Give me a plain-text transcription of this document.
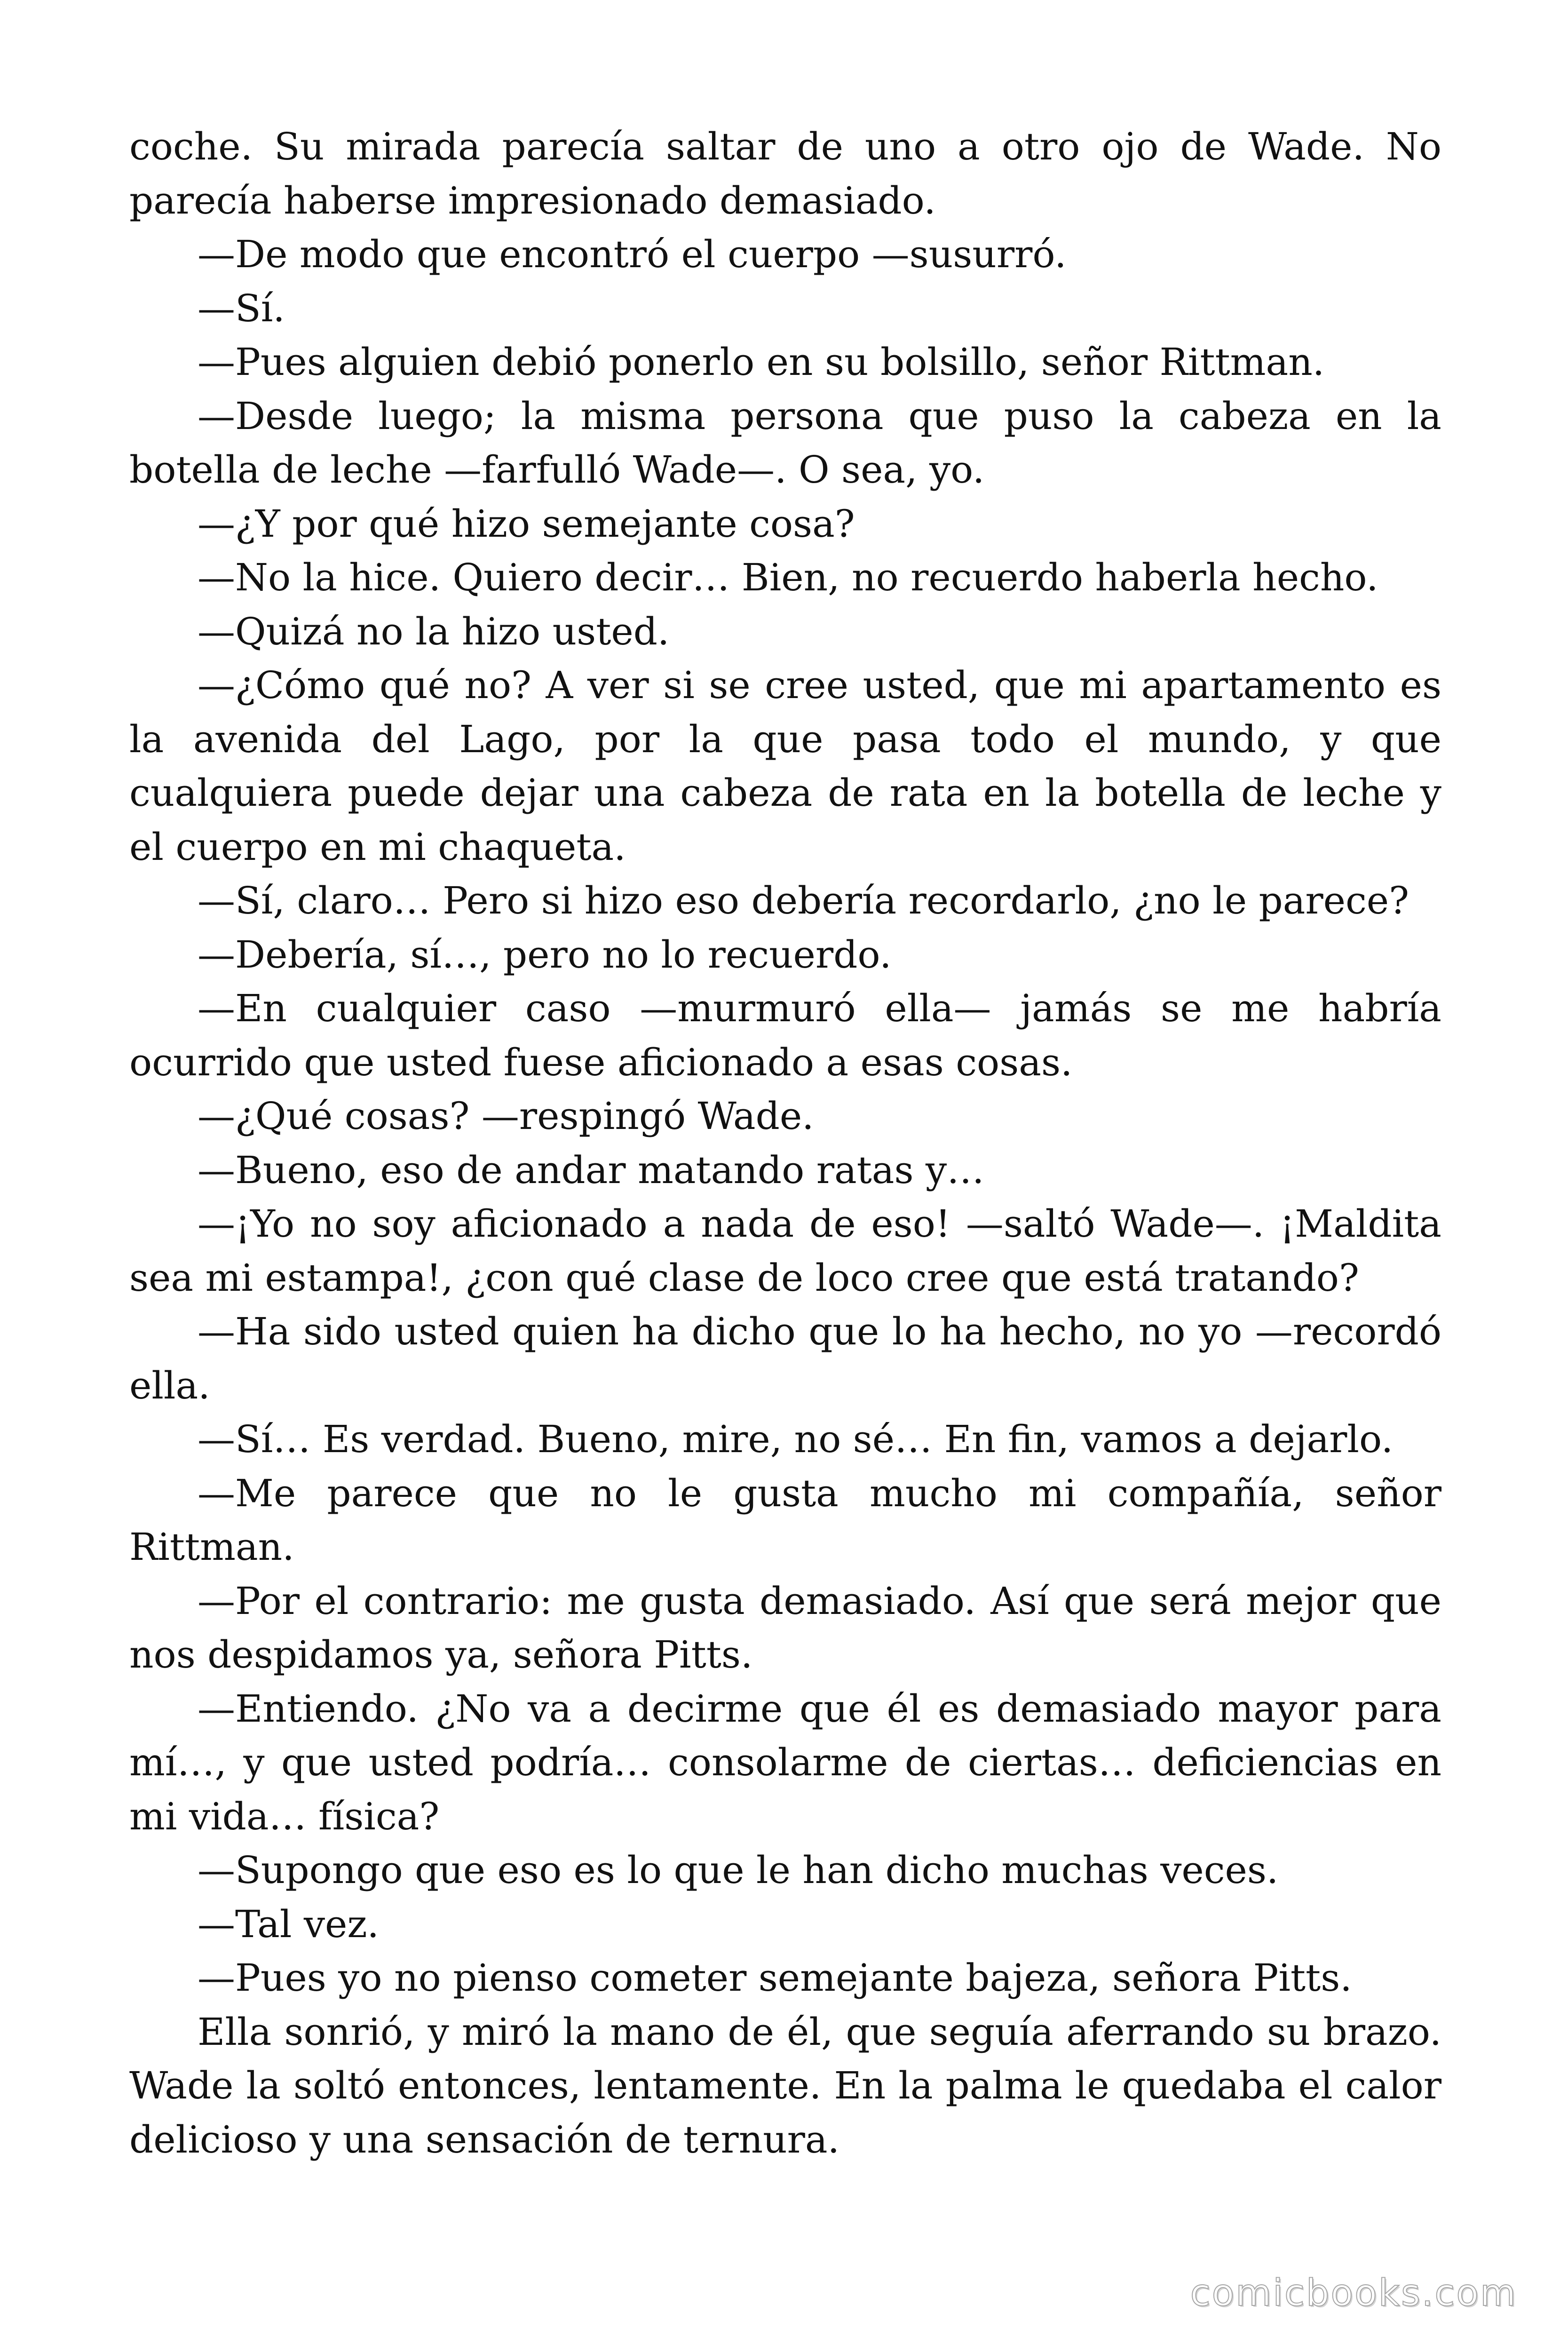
coche. Su mirada parecía saltar de uno a otro ojo de Wade. No parecía haberse impresionado demasiado.

—De modo que encontró el cuerpo —susurró.

—Sí.

—Pues alguien debió ponerlo en su bolsillo, señor Rittman.

—Desde luego; la misma persona que puso la cabeza en la botella de leche —farfulló Wade—. O sea, yo.

—¿Y por qué hizo semejante cosa?

—No la hice. Quiero decir… Bien, no recuerdo haberla hecho.

—Quizá no la hizo usted.

—¿Cómo qué no? A ver si se cree usted, que mi apartamento es la avenida del Lago, por la que pasa todo el mundo, y que cualquiera puede dejar una cabeza de rata en la botella de leche y el cuerpo en mi chaqueta.

—Sí, claro… Pero si hizo eso debería recordarlo, ¿no le parece?

—Debería, sí…, pero no lo recuerdo.

—En cualquier caso —murmuró ella— jamás se me habría ocurrido que usted fuese aficionado a esas cosas.

—¿Qué cosas? —respingó Wade.

—Bueno, eso de andar matando ratas y…

—¡Yo no soy aficionado a nada de eso! —saltó Wade—. ¡Maldita sea mi estampa!, ¿con qué clase de loco cree que está tratando?

—Ha sido usted quien ha dicho que lo ha hecho, no yo —recordó ella.

—Sí… Es verdad. Bueno, mire, no sé… En fin, vamos a dejarlo.

—Me parece que no le gusta mucho mi compañía, señor Rittman.

—Por el contrario: me gusta demasiado. Así que será mejor que nos despidamos ya, señora Pitts.

—Entiendo. ¿No va a decirme que él es demasiado mayor para mí…, y que usted podría… consolarme de ciertas… deficiencias en mi vida… física?

—Supongo que eso es lo que le han dicho muchas veces.

—Tal vez.

—Pues yo no pienso cometer semejante bajeza, señora Pitts.

Ella sonrió, y miró la mano de él, que seguía aferrando su brazo. Wade la soltó entonces, lentamente. En la palma le quedaba el calor delicioso y una sensación de ternura.

comicbooks.com
